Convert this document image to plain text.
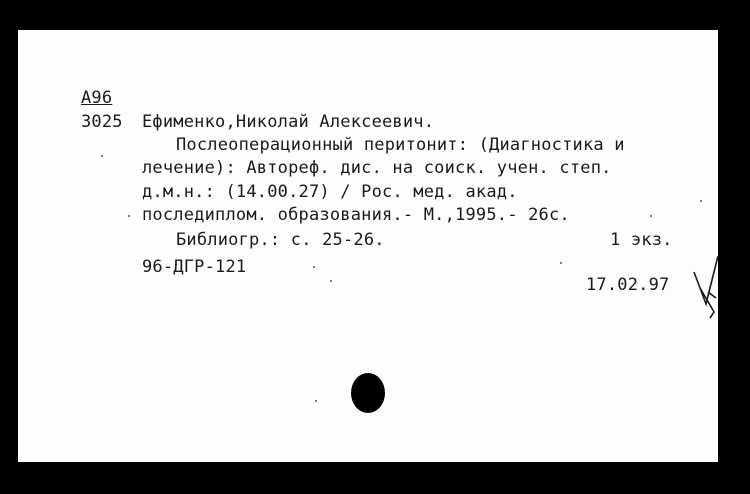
А96
3025 Ефименко,Николай Алексеевич.
Послеоперационный перитонит: (Диагностика и
лечение): Автореф. дис. на соиск. учен. степ.
д.м.н.: (14.00.27) / Рос. мед. акад.
последиплом. образования.- М.,1995.- 26с.
Библиогр.: с. 25-26.	1 экз.
96-ДГР-121
17.02.97
